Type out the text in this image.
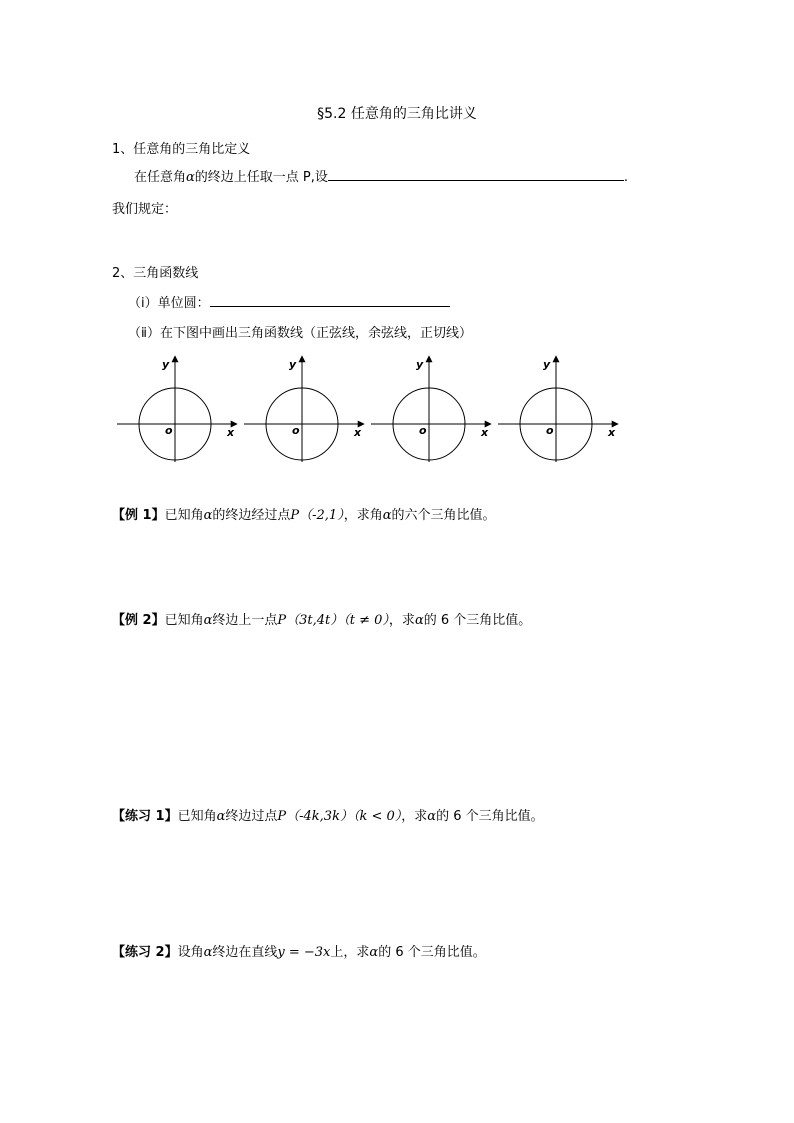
§5.2 任意角的三角比讲义
1、任意角的三角比定义
在任意角α的终边上任取一点 P,设	.
我们规定：
2、三角函数线
（ⅰ）单位圆：
（ⅱ）在下图中画出三角函数线（正弦线，余弦线，正切线）
y
x
o
y
x
o
y
x
o
y
x
o
【例 1】已知角α的终边经过点P（-2,1），求角α的六个三角比值。
【例 2】已知角α终边上一点P（3t,4t）（t ≠ 0），求α的 6 个三角比值。
【练习 1】已知角α终边过点P（-4k,3k）（k < 0），求α的 6 个三角比值。
【练习 2】设角α终边在直线y = −3x上，求α的 6 个三角比值。
